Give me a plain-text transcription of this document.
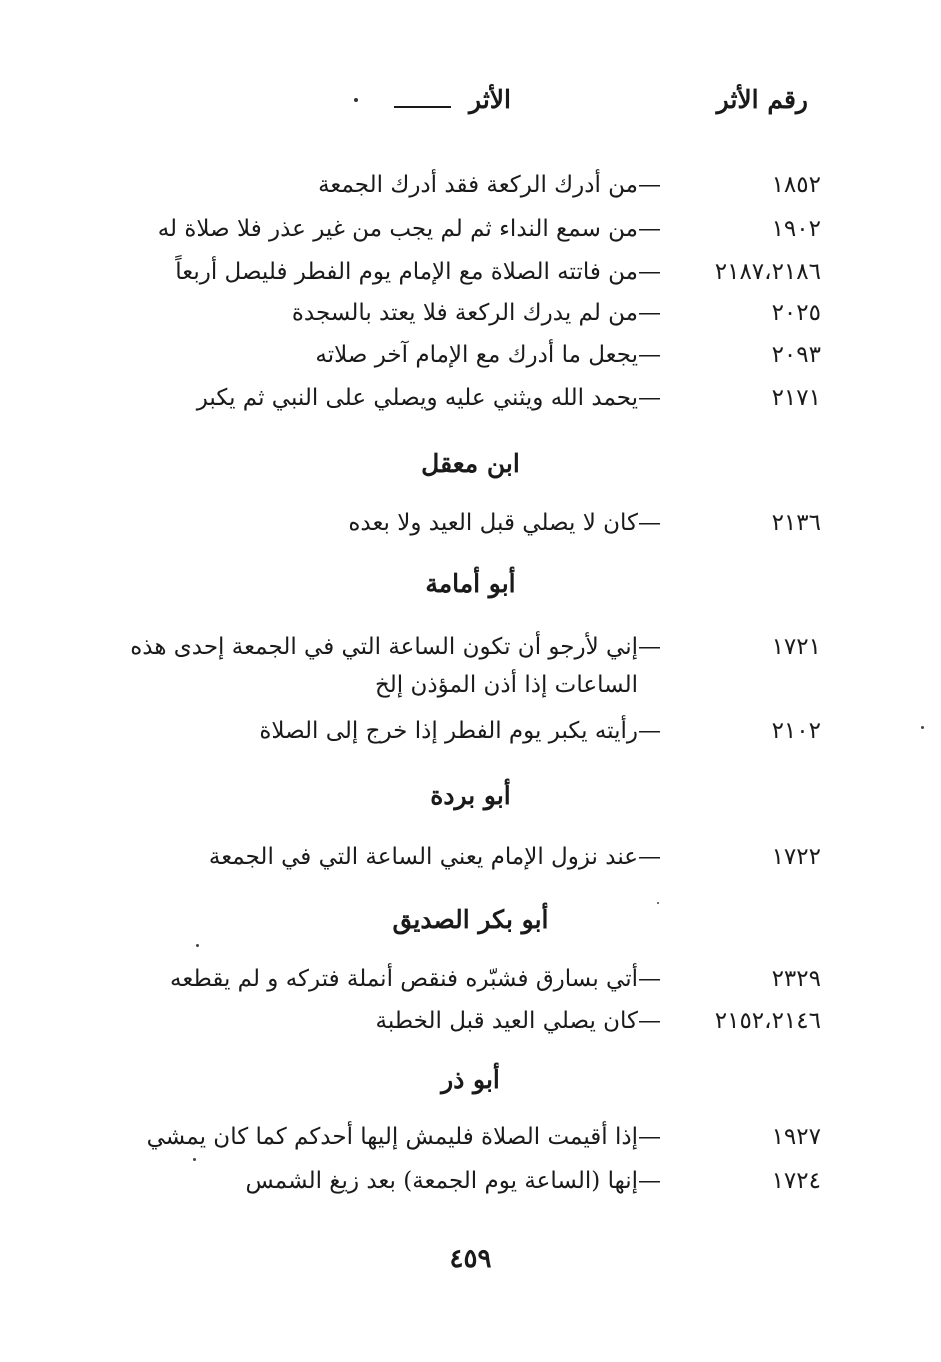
رقم الأثر
الأثر
١٨٥٢
—
من أدرك الركعة فقد أدرك الجمعة
١٩٠٢
—
من سمع النداء ثم لم يجب من غير عذر فلا صلاة له
٢١٨٧،٢١٨٦
—
من فاتته الصلاة مع الإمام يوم الفطر فليصل أربعاً
٢٠٢٥
—
من لم يدرك الركعة فلا يعتد بالسجدة
٢٠٩٣
—
يجعل ما أدرك مع الإمام آخر صلاته
٢١٧١
—
يحمد الله ويثني عليه ويصلي على النبي ثم يكبر
ابن معقل
٢١٣٦
—
كان لا يصلي قبل العيد ولا بعده
أبو أمامة
١٧٢١
—
إني لأرجو أن تكون الساعة التي في الجمعة إحدى هذه
الساعات إذا أذن المؤذن إلخ
٢١٠٢
—
رأيته يكبر يوم الفطر إذا خرج إلى الصلاة
أبو بردة
١٧٢٢
—
عند نزول الإمام يعني الساعة التي في الجمعة
أبو بكر الصديق
٢٣٢٩
—
أتي بسارق فشبّره فنقص أنملة فتركه و لم يقطعه
٢١٥٢،٢١٤٦
—
كان يصلي العيد قبل الخطبة
أبو ذر
١٩٢٧
—
إذا أقيمت الصلاة فليمش إليها أحدكم كما كان يمشي
١٧٢٤
—
إنها (الساعة يوم الجمعة) بعد زيغ الشمس
٤٥٩
